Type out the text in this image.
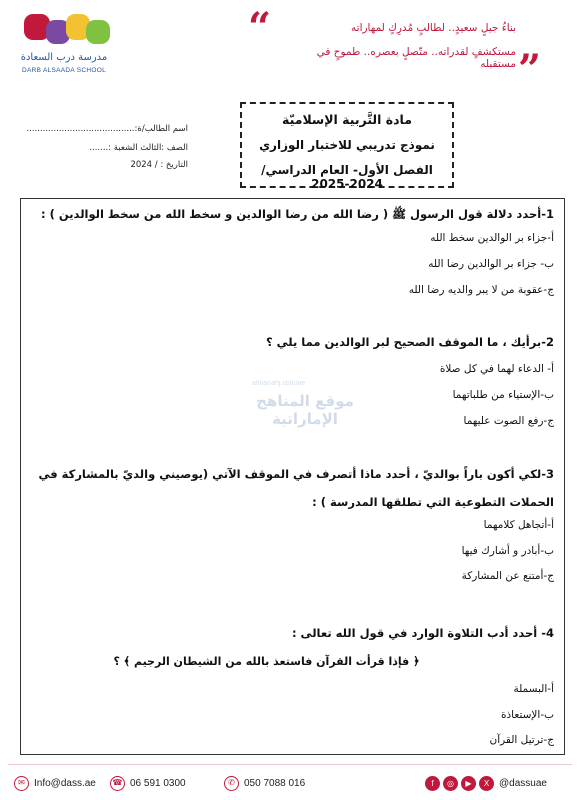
مدرسة درب السعادة
DARB ALSAADA SCHOOL
“	بناءُ جيلٍ سعيدٍ.. لطالبٍ مُدرِكٍ لمهاراته
مستكشفٍ لقدراته.. متّصلٍ بعصره.. طموحٍ في مستقبله ”
اسم الطالب/ة:........................................
الصف :الثالث الشعبة :.......
التاريخ : / 2024
مادة التَّربية الإسلاميّة
نموذج تدريبي للاختبار الوزاري
الفصل الأول- العام الدراسي/ 2024-2025
1-أحدد دلالة قول الرسول ﷺ ( رضا الله من رضا الوالدين و سخط الله من سخط الوالدين ) :
أ-جزاء بر الوالدين سخط الله
ب- جزاء بر الوالدين رضا الله
ج-عقوبة من لا يبر والديه رضا الله
2-برأيك ، ما الموقف الصحيح لبر الوالدين مما يلي ؟
أ- الدعاء لهما في كل صلاة
ب-الإستياء من طلباتهما
ج-رفع الصوت عليهما
3-لكي أكون باراً بوالديّ ، أحدد ماذا أتصرف في الموقف الآتي (يوصيني والديّ بالمشاركة في
الحملات التطوعية التي تطلقها المدرسة ) :
أ-أتجاهل كلامهما
ب-أبادر و أشارك فيها
ج-أمتنع عن المشاركة
4- أحدد أدب التلاوة الوارد في قول الله تعالى :
﴿ فإذا قرأت القرآن فاستعذ بالله من الشيطان الرجيم ﴾ ؟
أ-البسملة
ب-الإستعاذة
ج-ترتيل القرآن
almanahj.com/ae
موقع المناهج الإماراتية
✉ Info@dass.ae	☎ 06 591 0300	✆ 050 7088 016	f	◎	▶	X @dassuae
